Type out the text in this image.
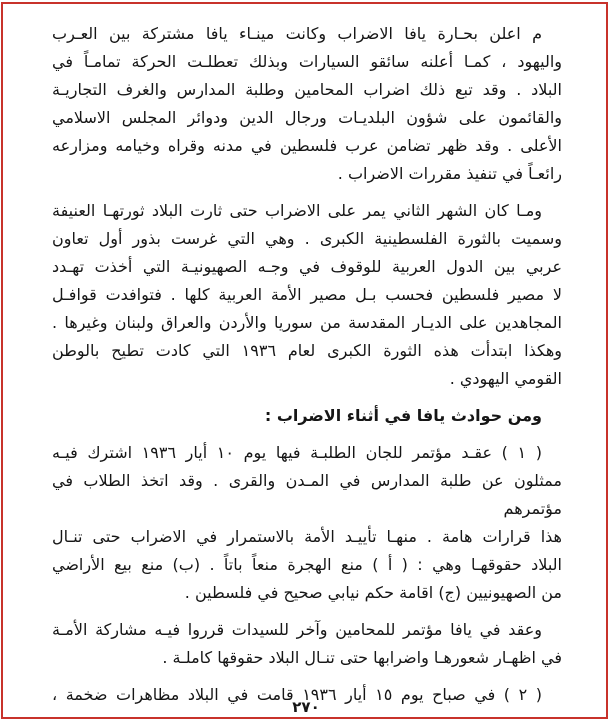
م اعلن بحـارة يافا الاضراب وكانت مينـاء يافا مشتركة بين العـرب
واليهود ، كمـا أعلنه سائقو السيارات وبذلك تعطلـت الحركة تمامـاً في
البلاد . وقد تبع ذلك اضراب المحامين وطلبة المدارس والغرف التجاريـة
والقائمون على شؤون البلديـات ورجال الدين ودوائر المجلس الاسلامي
الأعلى . وقد ظهر تضامن عرب فلسطين في مدنه وقراه وخيامه ومزارعه
رائعـاً في تنفيذ مقررات الاضراب .
ومـا كان الشهر الثاني يمر على الاضراب حتى ثارت البلاد ثورتهـا العنيفة
وسميت بالثورة الفلسطينية الكبرى . وهي التي غرست بذور أول تعاون
عربي بين الدول العربية للوقوف في وجـه الصهيونيـة التي أخذت تهـدد
لا مصير فلسطين فحسب بـل مصير الأمة العربية كلها . فتوافدت قوافـل
المجاهدين على الديـار المقدسة من سوريا والأردن والعراق ولبنان وغيرها .
وهكذا ابتدأت هذه الثورة الكبرى لعام ١٩٣٦ التي كادت تطيح بالوطن
القومي اليهودي .
ومن حوادث يافا في أثناء الاضراب :
( ١ ) عقـد مؤتمر للجان الطلبـة فيها يوم ١٠ أيار ١٩٣٦ اشترك فيـه
ممثلون عن طلبة المدارس في المـدن والقرى . وقد اتخذ الطلاب في مؤتمرهم
هذا قرارات هامة . منهـا تأييـد الأمة بالاستمرار في الاضراب حتى تنـال
البلاد حقوقهـا وهي : ( أ ) منع الهجرة منعاً باتاً . (ب) منع بيع الأراضي
من الصهيونيين (ج) اقامة حكم نيابي صحيح في فلسطين .
وعقد في يافا مؤتمر للمحامين وآخر للسيدات قرروا فيـه مشاركة الأمـة
في اظهـار شعورهـا واضرابها حتى تنـال البلاد حقوقها كاملـة .
( ٢ ) في صباح يوم ١٥ أيار ١٩٣٦ قامت في البلاد مظاهرات ضخمة ،
٢٧٠
